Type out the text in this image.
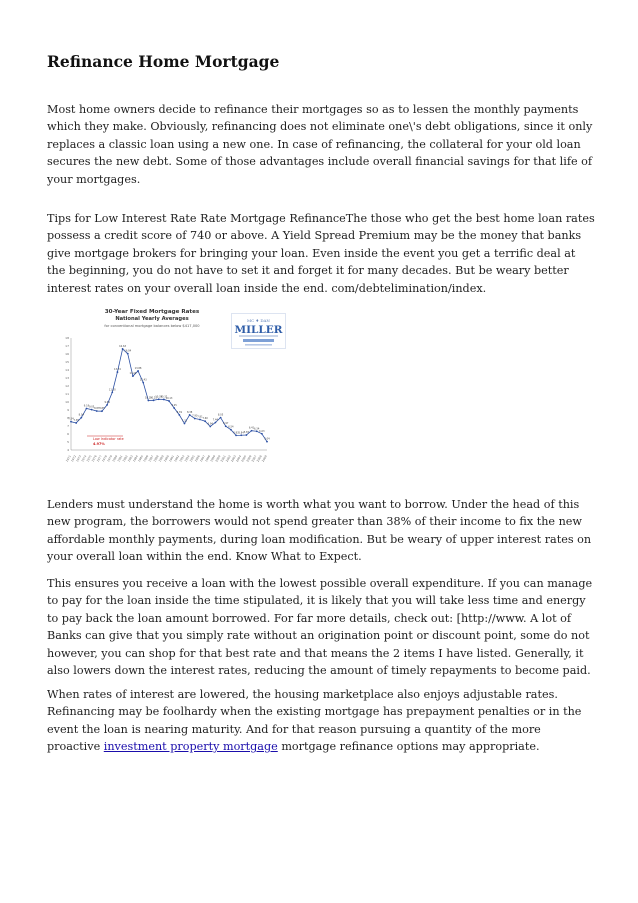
Refinance Home Mortgage

Most home owners decide to refinance their mortgages so as to lessen the monthly payments which they make. Obviously, refinancing does not eliminate one\'s debt obligations, since it only replaces a classic loan using a new one. In case of refinancing, the collateral for your old loan secures the new debt. Some of those advantages include overall financial savings for that life of your mortgages.

Tips for Low Interest Rate Rate Mortgage RefinanceThe those who get the best home loan rates possess a credit score of 740 or above. A Yield Spread Premium may be the money that banks give mortgage brokers for bringing your loan. Even inside the event you get a terrific deal at the beginning, you do not have to set it and forget it for many decades. But be weary better interest rates on your overall loan inside the end. com/debtelimination/index.

30-Year Fixed Mortgage Rates
National Yearly Averages
for conventional mortgage balances below $417,000
4
5
6
7
8
9
10
11
12
13
14
15
16
17
18
1971
1972
1973
1974
1975
1976
1977
1978
1979
1980
1981
1982
1983
1984
1985
1986
1987
1988
1989
1990
1991
1992
1993
1994
1995
1996
1997
1998
1999
2000
2001
2002
2003
2004
2005
2006
2007
2008
2009
7.54 7.38
8.04
9.19 9.05 8.87 8.85
9.64
11.20
13.74
16.63
16.04
13.24
13.88
12.43
10.19
10.21
10.34
10.32
10.13
9.25
8.39
7.31
8.38
7.93 7.81
7.60
6.94
7.44
8.05
6.97
6.54
5.83 5.84 5.87
6.41 6.34
6.03
5.04
Low Indicator rate
4.97%
MC ♦ DAN
MILLER

Lenders must understand the home is worth what you want to borrow. Under the head of this new program, the borrowers would not spend greater than 38% of their income to fix the new affordable monthly payments, during loan modification. But be weary of upper interest rates on your overall loan within the end. Know What to Expect.

This ensures you receive a loan with the lowest possible overall expenditure. If you can manage to pay for the loan inside the time stipulated, it is likely that you will take less time and energy to pay back the loan amount borrowed. For far more details, check out: [http://www. A lot of Banks can give that you simply rate without an origination point or discount point, some do not however, you can shop for that best rate and that means the 2 items I have listed. Generally, it also lowers down the interest rates, reducing the amount of timely repayments to become paid.

When rates of interest are lowered, the housing marketplace also enjoys adjustable rates. Refinancing may be foolhardy when the existing mortgage has prepayment penalties or in the event the loan is nearing maturity. And for that reason pursuing a quantity of the more proactive investment property mortgage mortgage refinance options may appropriate.
